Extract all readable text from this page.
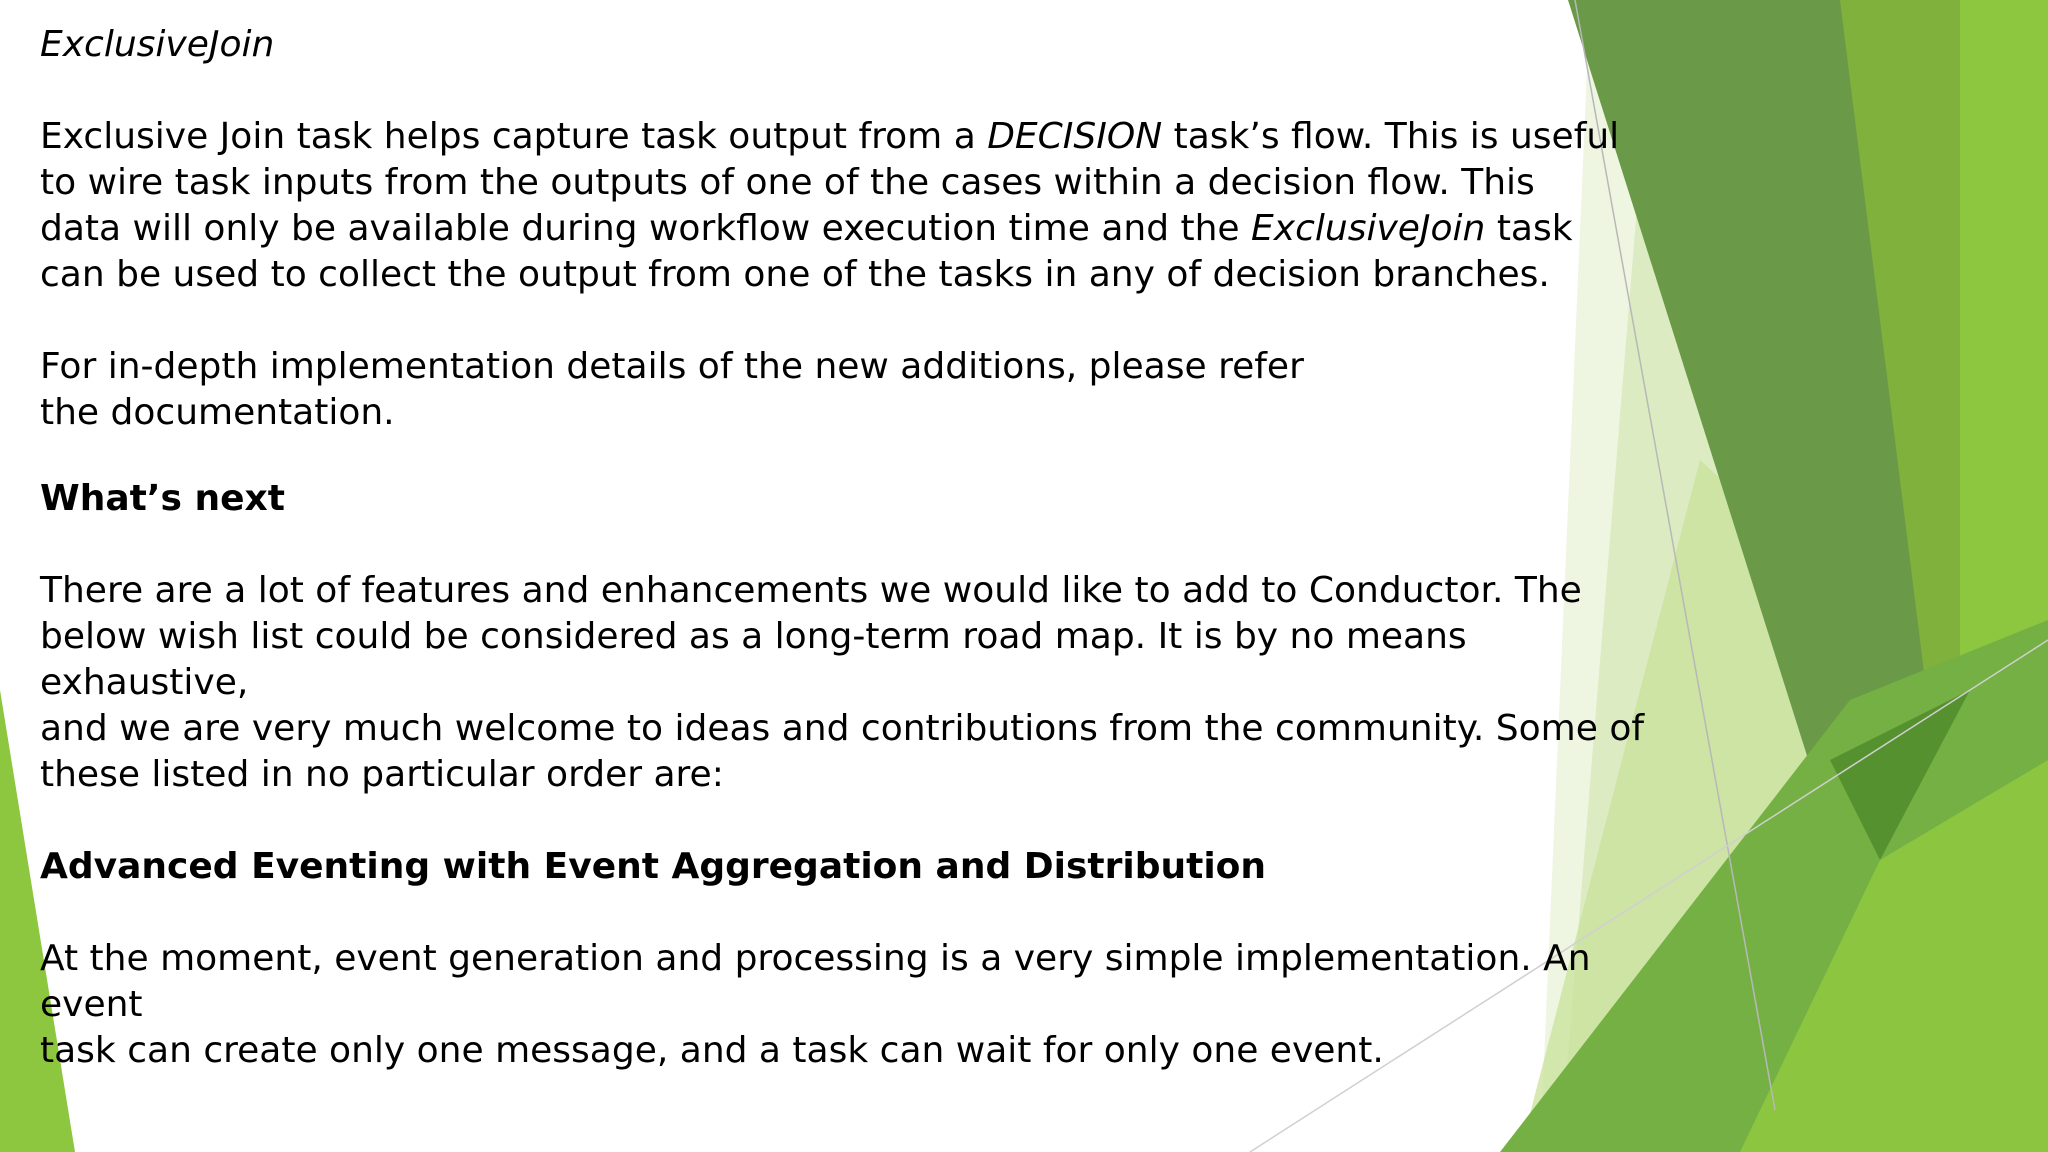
ExclusiveJoin

Exclusive Join task helps capture task output from a DECISION task’s flow. This is useful
to wire task inputs from the outputs of one of the cases within a decision flow. This
data will only be available during workflow execution time and the ExclusiveJoin task
can be used to collect the output from one of the tasks in any of decision branches.

For in-depth implementation details of the new additions, please refer
the documentation.

What’s next

There are a lot of features and enhancements we would like to add to Conductor. The
below wish list could be considered as a long-term road map. It is by no means exhaustive,
and we are very much welcome to ideas and contributions from the community. Some of
these listed in no particular order are:

Advanced Eventing with Event Aggregation and Distribution

At the moment, event generation and processing is a very simple implementation. An event
task can create only one message, and a task can wait for only one event.
